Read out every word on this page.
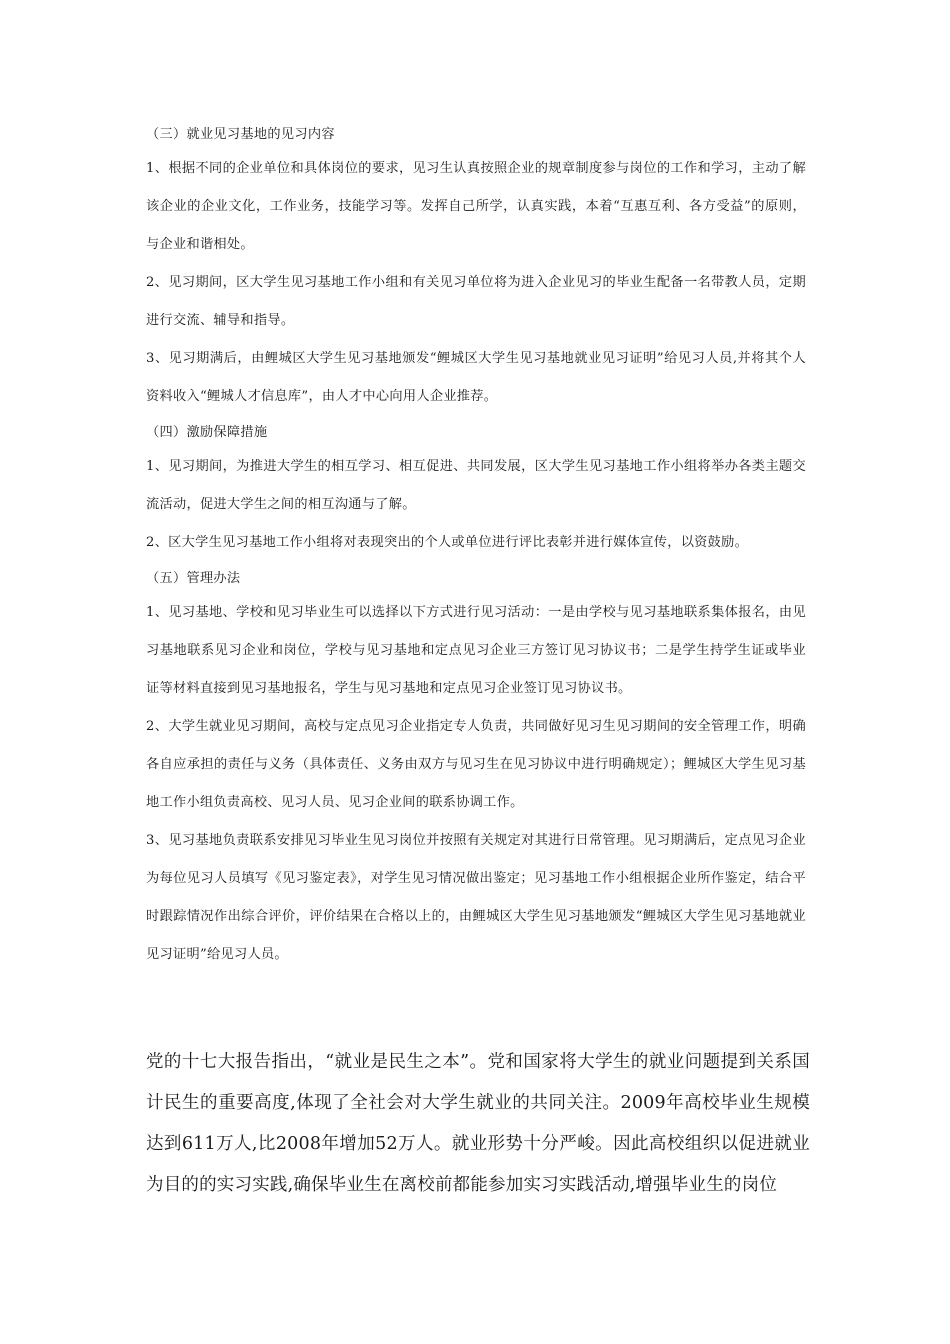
（三）就业见习基地的见习内容

1、根据不同的企业单位和具体岗位的要求，见习生认真按照企业的规章制度参与岗位的工作和学习，主动了解该企业的企业文化，工作业务，技能学习等。发挥自己所学，认真实践，本着“互惠互利、各方受益”的原则，与企业和谐相处。

2、见习期间，区大学生见习基地工作小组和有关见习单位将为进入企业见习的毕业生配备一名带教人员，定期进行交流、辅导和指导。

3、见习期满后，由鲤城区大学生见习基地颁发“鲤城区大学生见习基地就业见习证明”给见习人员,并将其个人资料收入“鲤城人才信息库”，由人才中心向用人企业推荐。

（四）激励保障措施

1、见习期间，为推进大学生的相互学习、相互促进、共同发展，区大学生见习基地工作小组将举办各类主题交流活动，促进大学生之间的相互沟通与了解。

2、区大学生见习基地工作小组将对表现突出的个人或单位进行评比表彰并进行媒体宣传，以资鼓励。

（五）管理办法

1、见习基地、学校和见习毕业生可以选择以下方式进行见习活动：一是由学校与见习基地联系集体报名，由见习基地联系见习企业和岗位，学校与见习基地和定点见习企业三方签订见习协议书；二是学生持学生证或毕业证等材料直接到见习基地报名，学生与见习基地和定点见习企业签订见习协议书。

2、大学生就业见习期间，高校与定点见习企业指定专人负责，共同做好见习生见习期间的安全管理工作，明确各自应承担的责任与义务（具体责任、义务由双方与见习生在见习协议中进行明确规定）；鲤城区大学生见习基地工作小组负责高校、见习人员、见习企业间的联系协调工作。

3、见习基地负责联系安排见习毕业生见习岗位并按照有关规定对其进行日常管理。见习期满后，定点见习企业为每位见习人员填写《见习鉴定表》，对学生见习情况做出鉴定；见习基地工作小组根据企业所作鉴定，结合平时跟踪情况作出综合评价，评价结果在合格以上的，由鲤城区大学生见习基地颁发“鲤城区大学生见习基地就业见习证明”给见习人员。

党的十七大报告指出，“就业是民生之本”。党和国家将大学生的就业问题提到关系国计民生的重要高度,体现了全社会对大学生就业的共同关注。2009年高校毕业生规模达到611万人,比2008年增加52万人。就业形势十分严峻。因此高校组织以促进就业为目的的实习实践,确保毕业生在离校前都能参加实习实践活动,增强毕业生的岗位
